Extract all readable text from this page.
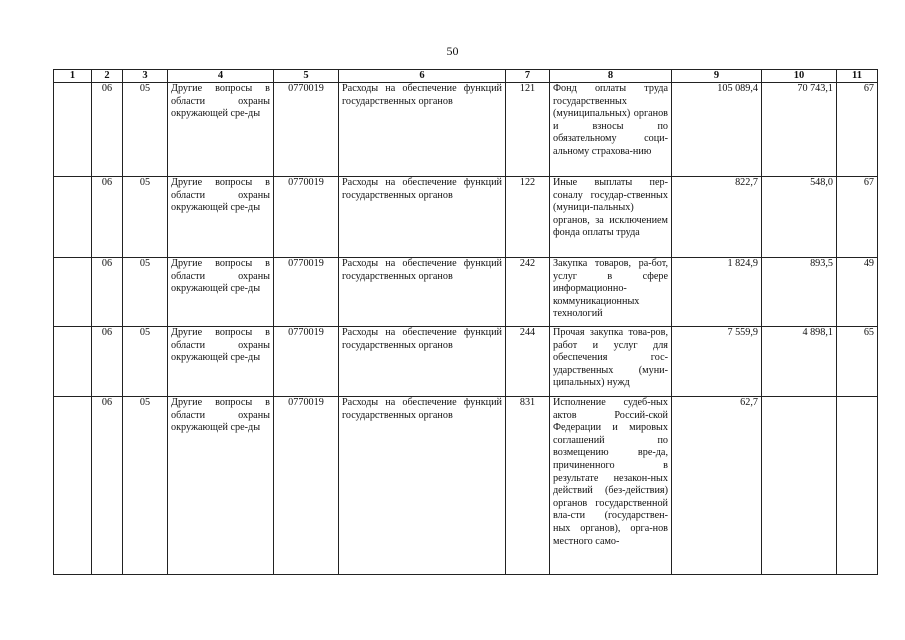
50
1	2	3	4	5	6	7	8	9	10	11
	06	05	Другие вопросы в области охраны окружающей сре-ды	0770019	Расходы на обеспечение функций государственных органов	121	Фонд оплаты труда государственных (муниципальных) органов и взносы по обязательному соци-альному страхова-нию	105 089,4	70 743,1	67
	06	05	Другие вопросы в области охраны окружающей сре-ды	0770019	Расходы на обеспечение функций государственных органов	122	Иные выплаты пер-соналу государ-ственных (муници-пальных) органов, за исключением фонда оплаты труда	822,7	548,0	67
	06	05	Другие вопросы в области охраны окружающей сре-ды	0770019	Расходы на обеспечение функций государственных органов	242	Закупка товаров, ра-бот, услуг в сфере информационно-коммуникационных технологий	1 824,9	893,5	49
	06	05	Другие вопросы в области охраны окружающей сре-ды	0770019	Расходы на обеспечение функций государственных органов	244	Прочая закупка това-ров, работ и услуг для обеспечения гос-ударственных (муни-ципальных) нужд	7 559,9	4 898,1	65
	06	05	Другие вопросы в области охраны окружающей сре-ды	0770019	Расходы на обеспечение функций государственных органов	831	Исполнение судеб-ных актов Россий-ской Федерации и мировых соглашений по возмещению вре-да, причиненного в результате незакон-ных действий (без-действия) органов государственной вла-сти (государствен-ных органов), орга-нов местного само-	62,7		
